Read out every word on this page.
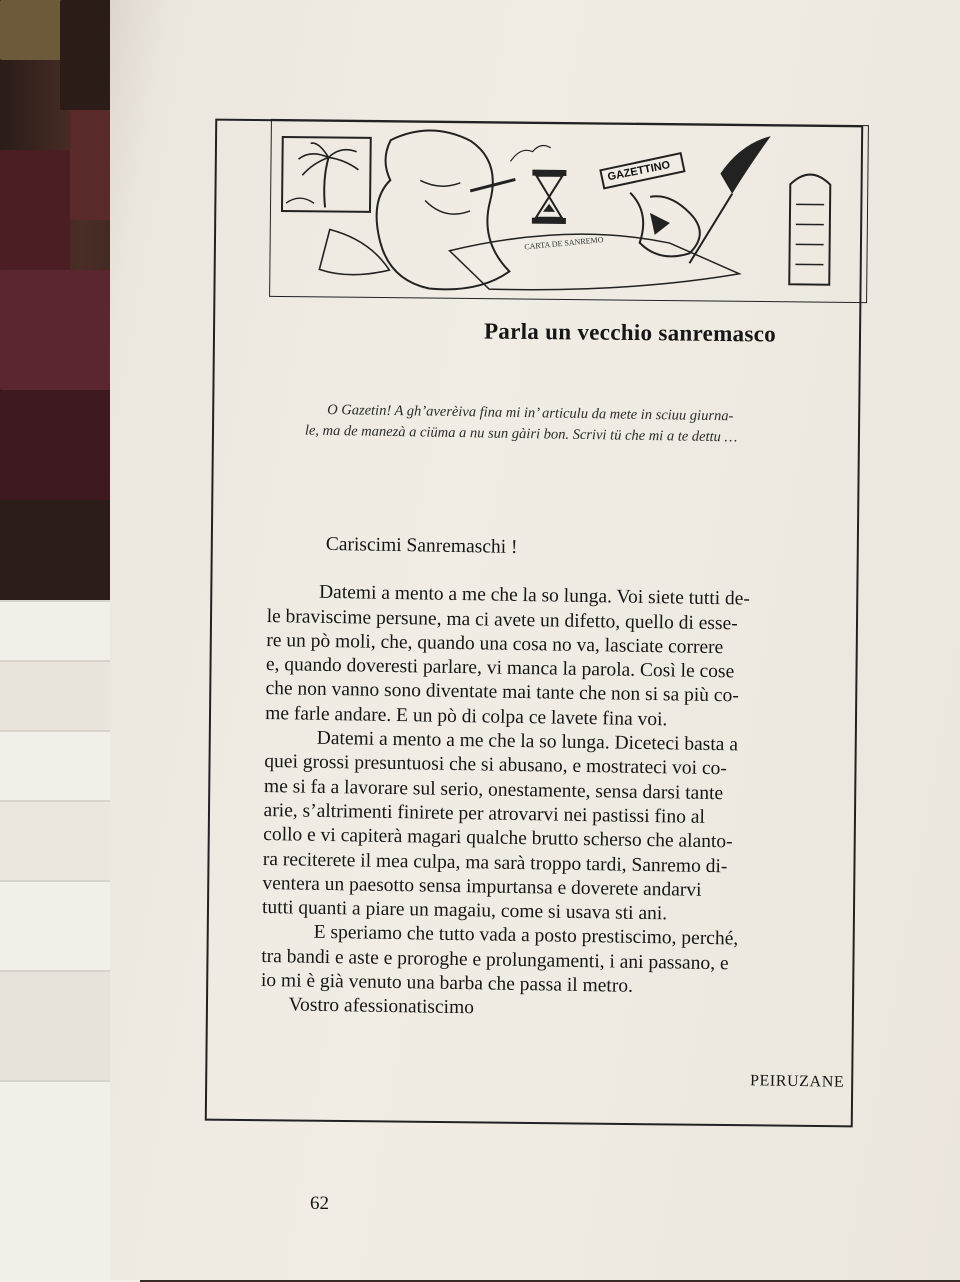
CARTA DE SANREMO
GAZETTINO
Parla un vecchio sanremasco

O Gazetin! A gh’averèiva fina mi in’ articulu da mete in sciuu giurna-

le, ma de manezà a ciüma a nu sun gàiri bon. Scrivi tü che mi a te dettu …

Cariscimi Sanremaschi !
Datemi a mento a me che la so lunga. Voi siete tutti de-
le braviscime persune, ma ci avete un difetto, quello di esse-
re un pò moli, che, quando una cosa no va, lasciate correre
e, quando doveresti parlare, vi manca la parola. Così le cose
che non vanno sono diventate mai tante che non si sa più co-
me farle andare. E un pò di colpa ce lavete fina voi.
Datemi a mento a me che la so lunga. Diceteci basta a
quei grossi presuntuosi che si abusano, e mostrateci voi co-
me si fa a lavorare sul serio, onestamente, sensa darsi tante
arie, s’altrimenti finirete per atrovarvi nei pastissi fino al
collo e vi capiterà magari qualche brutto scherso che alanto-
ra reciterete il mea culpa, ma sarà troppo tardi, Sanremo di-
ventera un paesotto sensa impurtansa e doverete andarvi
tutti quanti a piare un magaiu, come si usava sti ani.
E speriamo che tutto vada a posto prestiscimo, perché,
tra bandi e aste e proroghe e prolungamenti, i ani passano, e
io mi è già venuto una barba che passa il metro.
Vostro afessionatiscimo
PEIRUZANE
62
